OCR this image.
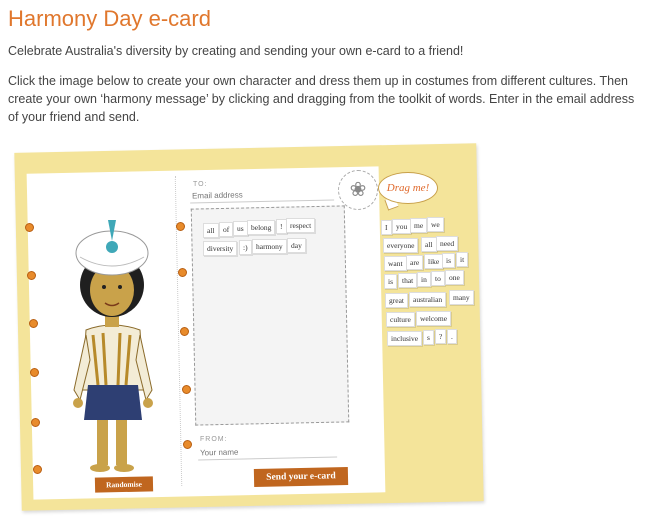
Harmony Day e-card

Celebrate Australia's diversity by creating and sending your own e-card to a friend!

Click the image below to create your own character and dress them up in costumes from different cultures. Then create your own ‘harmony message’ by clicking and dragging from the toolkit of words. Enter in the email address of your friend and send.

TO:
Email address	❀
all	of	us belong	!	respect
diversity	:)	harmony	day
FROM:
Your name
Drag me!
I	you me	we
everyone	all	need
want are	like is	it
is	that	in	to	one
great	australian	many
culture	welcome
inclusive	s	?	.
Randomise
Send your e-card
